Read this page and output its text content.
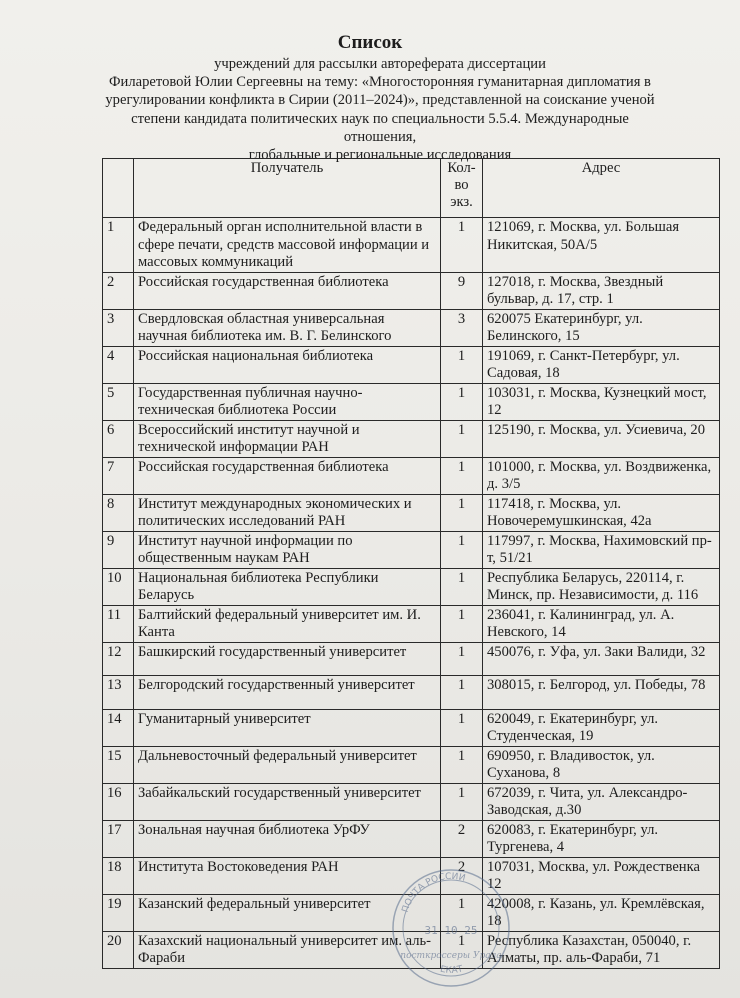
Список
учреждений для рассылки автореферата диссертации
Филаретовой Юлии Сергеевны на тему: «Многосторонняя гуманитарная дипломатия в
урегулировании конфликта в Сирии (2011–2024)», представленной на соискание ученой
степени кандидата политических наук по специальности 5.5.4. Международные отношения,
глобальные и региональные исследования
	Получатель	Кол-во экз.	Адрес
1	Федеральный орган исполнительной власти в сфере печати, средств массовой информации и массовых коммуникаций	1	121069, г. Москва, ул. Большая Никитская, 50А/5
2	Российская государственная библиотека	9	127018, г. Москва, Звездный бульвар, д. 17, стр. 1
3	Свердловская областная универсальная научная библиотека им. В. Г. Белинского	3	620075 Екатеринбург, ул. Белинского, 15
4	Российская национальная библиотека	1	191069, г. Санкт-Петербург, ул. Садовая, 18
5	Государственная публичная научно-техническая библиотека России	1	103031, г. Москва, Кузнецкий мост, 12
6	Всероссийский институт научной и технической информации РАН	1	125190, г. Москва, ул. Усиевича, 20
7	Российская государственная библиотека	1	101000, г. Москва, ул. Воздвиженка, д. 3/5
8	Институт международных экономических и политических исследований РАН	1	117418, г. Москва, ул. Новочеремушкинская, 42а
9	Институт научной информации по общественным наукам РАН	1	117997, г. Москва, Нахимовский пр-т, 51/21
10	Национальная библиотека Республики Беларусь	1	Республика Беларусь, 220114, г. Минск, пр. Независимости, д. 116
11	Балтийский федеральный университет им. И. Канта	1	236041, г. Калининград, ул. А. Невского, 14
12	Башкирский государственный университет	1	450076, г. Уфа, ул. Заки Валиди, 32
13	Белгородский государственный университет	1	308015, г. Белгород, ул. Победы, 78
14	Гуманитарный университет	1	620049, г. Екатеринбург, ул. Студенческая, 19
15	Дальневосточный федеральный университет	1	690950, г. Владивосток, ул. Суханова, 8
16	Забайкальский государственный университет	1	672039, г. Чита, ул. Александро-Заводская, д.30
17	Зональная научная библиотека УрФУ	2	620083, г. Екатеринбург, ул. Тургенева, 4
18	Института Востоковедения РАН	2	107031, Москва, ул. Рождественка 12
19	Казанский федеральный университет	1	420008, г. Казань, ул. Кремлёвская, 18
20	Казахский национальный университет им. аль-Фараби	1	Республика Казахстан, 050040, г. Алматы, пр. аль-Фараби, 71
ПОЧТА РОССИИ
31 10 25
посткроссеры Урала
ЕКАТ
